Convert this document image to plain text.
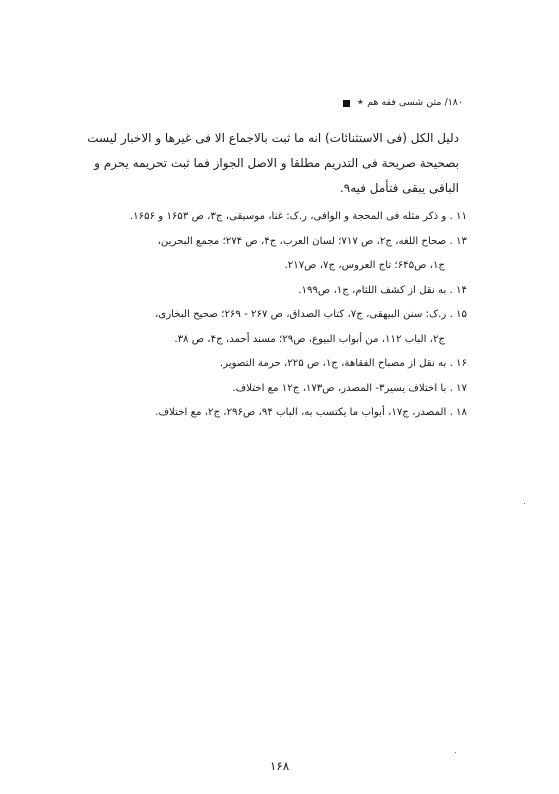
۱۸۰/ مثن شسی فقه هم 🟉
دلیل الکل (فی الاستثنائات) انه ما ثبت بالاجماع الا فی غیرها و الاخبار لیست
بصحیحة صریحة فی التدریم مطلقا و الاصل الجواز فما ثبت تحریمه یحرم و
الباقی یبقی فتأمل فیه۹.
۱۱ . و ذکر مثله فی المحجة و الوافی، ر.ک: غنا، موسیقی، ج۳، ص ۱۶۵۳ و ۱۶۵۶.
۱۳ . صحاح اللغه، ج۲، ص ۷۱۷؛ لسان العرب، ج۴، ص ۲۷۴؛ مجمع البحرین،
ج۱، ص۶۴۵؛ تاج العروس، ج۷، ص۲۱۷.
۱۴ . به نقل از کشف اللثام، ج۱، ص۱۹۹.
۱۵ . ر.ک: سنن البیهقی، ج۷، کتاب الصداق، ص ۲۶۷ - ۲۶۹؛ صحیح البخاری،
ج۲، الباب ۱۱۲، من أبواب البیوع، ص۲۹؛ مسند أحمد، ج۴، ص ۳۸.
۱۶ . به نقل از مصباح الفقاهة، ج۱، ص ۲۲۵، حرمة التصویر.
۱۷ . با اختلاف یسیر۳- المصدر، ص۱۷۳، ج۱۲ مع اختلاف.
۱۸ . المصدر، ج۱۷، أبواب ما یکتسب به، الباب ۹۴، ص۲۹۶، ج۲، مع اختلاف.
۱۶۸
